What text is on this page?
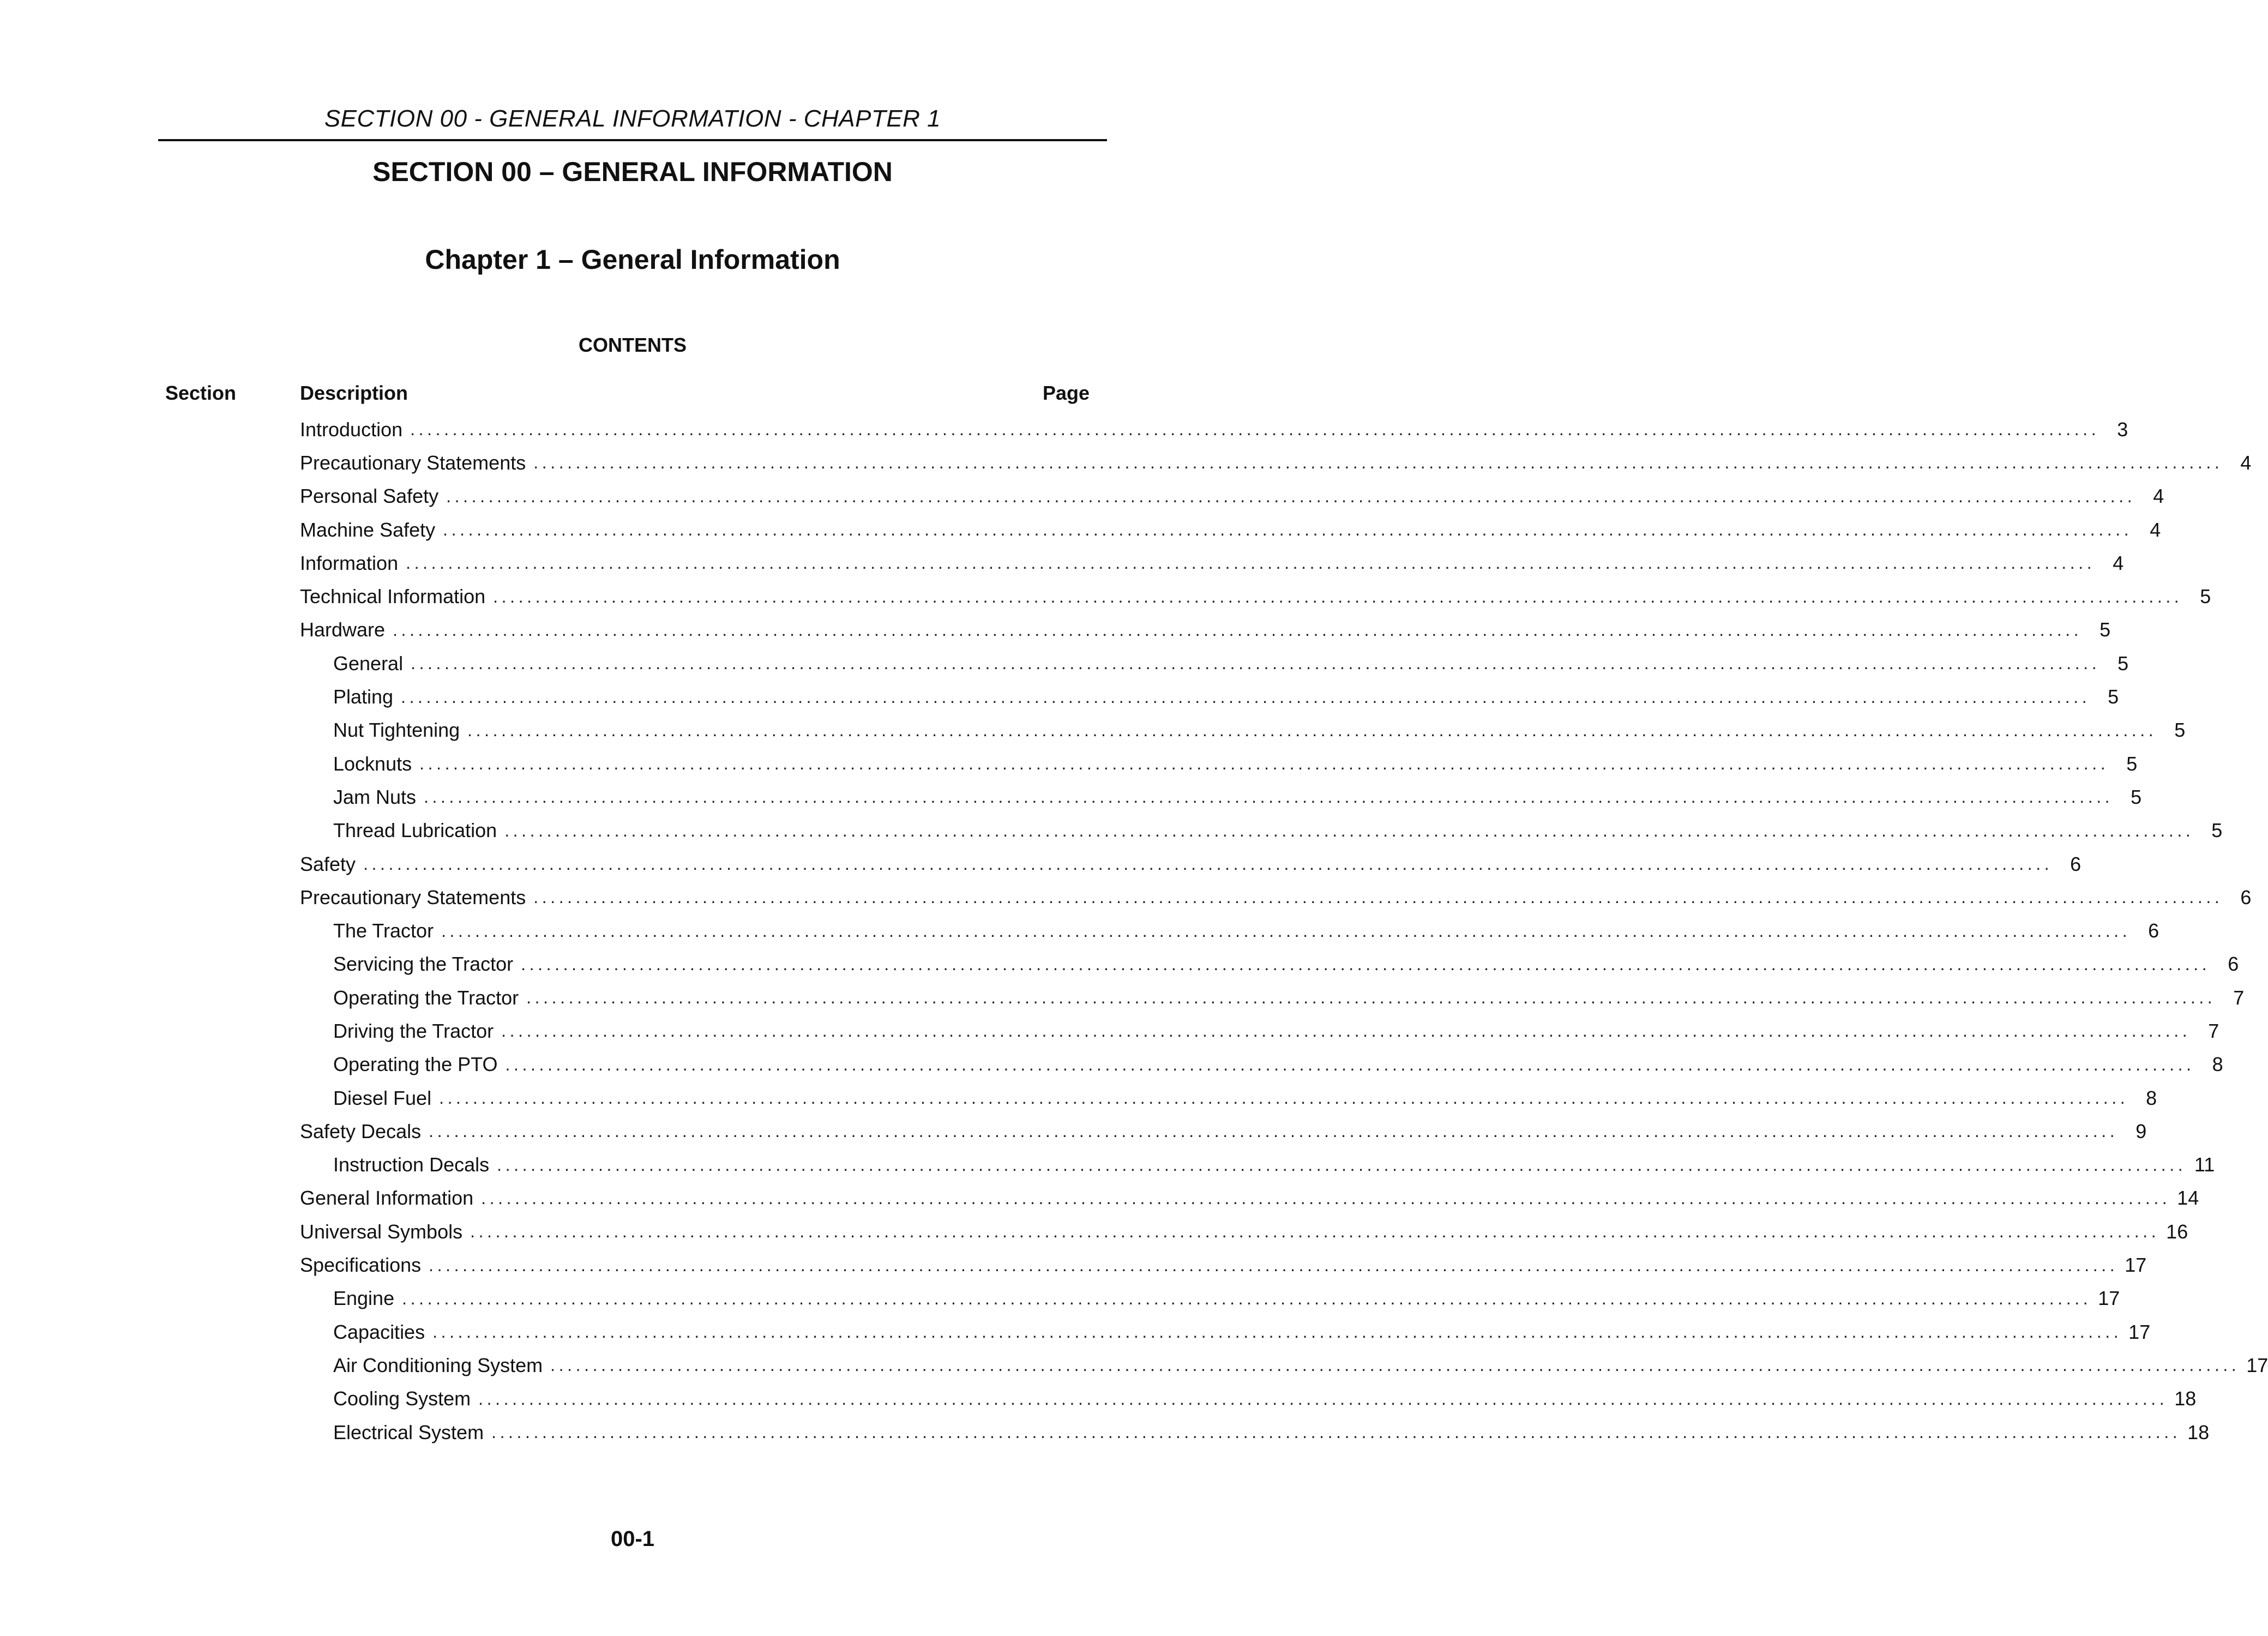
SECTION 00 - GENERAL INFORMATION - CHAPTER 1
SECTION 00 – GENERAL INFORMATION
Chapter 1 – General Information
CONTENTS
Section	Description	Page
Introduction ........................................................................................................................................................................................................ 3
Precautionary Statements ........................................................................................................................................................................................................ 4
Personal Safety ........................................................................................................................................................................................................ 4
Machine Safety ........................................................................................................................................................................................................ 4
Information ........................................................................................................................................................................................................ 4
Technical Information ........................................................................................................................................................................................................ 5
Hardware ........................................................................................................................................................................................................ 5
General ........................................................................................................................................................................................................ 5
Plating ........................................................................................................................................................................................................ 5
Nut Tightening ........................................................................................................................................................................................................ 5
Locknuts ........................................................................................................................................................................................................ 5
Jam Nuts ........................................................................................................................................................................................................ 5
Thread Lubrication ........................................................................................................................................................................................................ 5
Safety ........................................................................................................................................................................................................ 6
Precautionary Statements ........................................................................................................................................................................................................ 6
The Tractor ........................................................................................................................................................................................................ 6
Servicing the Tractor ........................................................................................................................................................................................................ 6
Operating the Tractor ........................................................................................................................................................................................................ 7
Driving the Tractor ........................................................................................................................................................................................................ 7
Operating the PTO ........................................................................................................................................................................................................ 8
Diesel Fuel ........................................................................................................................................................................................................ 8
Safety Decals ........................................................................................................................................................................................................ 9
Instruction Decals ........................................................................................................................................................................................................ 11
General Information ........................................................................................................................................................................................................ 14
Universal Symbols ........................................................................................................................................................................................................ 16
Specifications ........................................................................................................................................................................................................ 17
Engine ........................................................................................................................................................................................................ 17
Capacities ........................................................................................................................................................................................................ 17
Air Conditioning System ........................................................................................................................................................................................................ 17
Cooling System ........................................................................................................................................................................................................ 18
Electrical System ........................................................................................................................................................................................................ 18
00-1
